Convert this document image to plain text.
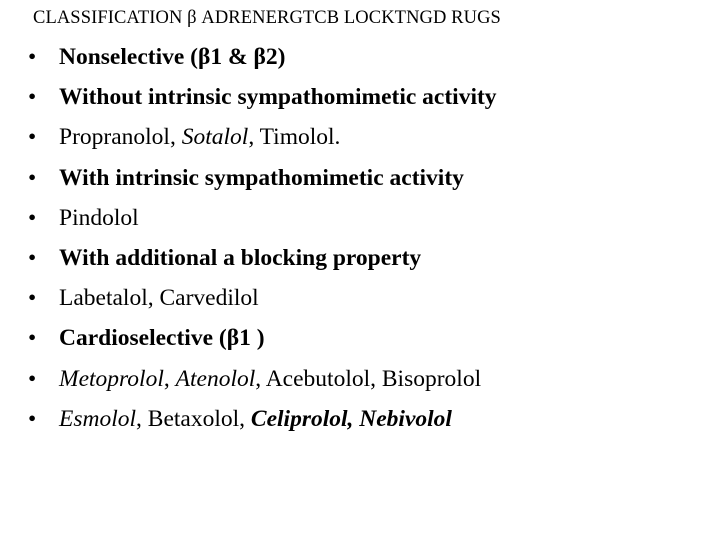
CLASSIFICATION β ADRENERGTCB LOCKTNGD RUGS
• Nonselective (β1 & β2)
• Without intrinsic sympathomimetic activity
• Propranolol, Sotalol, Timolol.
• With intrinsic sympathomimetic activity
• Pindolol
• With additional a blocking property
• Labetalol, Carvedilol
• Cardioselective (β1 )
• Metoprolol, Atenolol, Acebutolol, Bisoprolol
• Esmolol, Betaxolol, Celiprolol, Nebivolol
